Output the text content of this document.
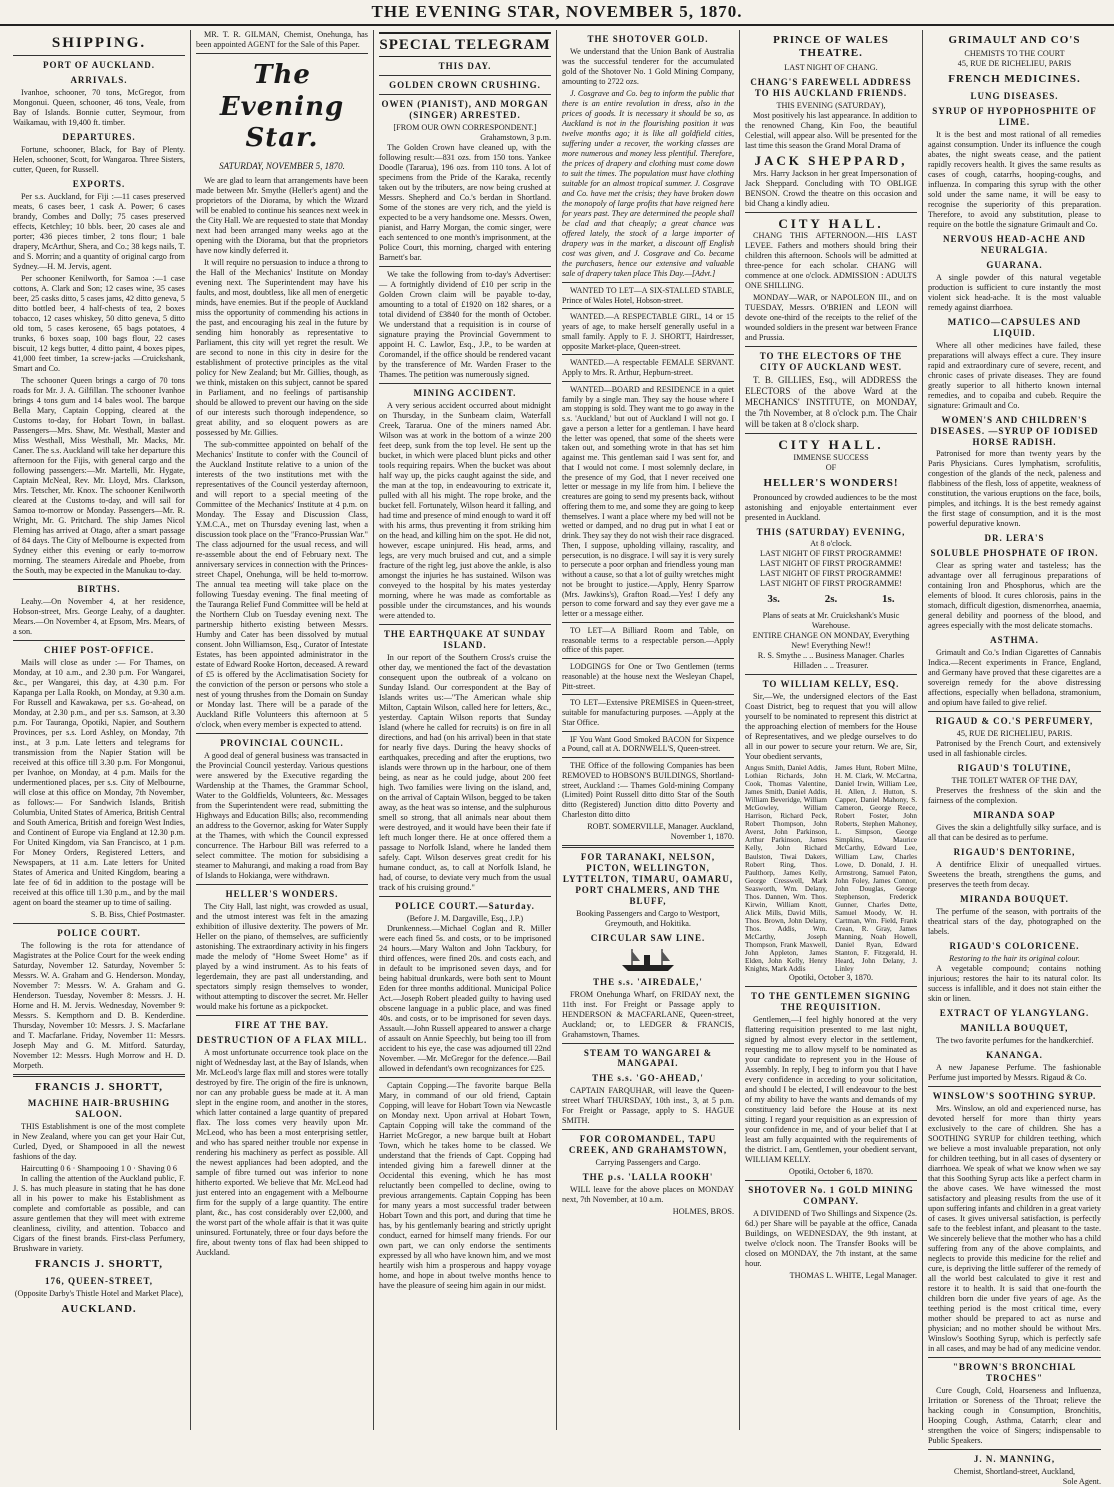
THE EVENING STAR, NOVEMBER 5, 1870.
SHIPPING.
PORT OF AUCKLAND.
ARRIVALS.

Ivanhoe, schooner, 70 tons, McGregor, from Mongonui. Queen, schooner, 46 tons, Veale, from Bay of Islands. Bonnie cutter, Seymour, from Waikamau, with 19,400 ft. timber.

DEPARTURES.

Fortune, schooner, Black, for Bay of Plenty. Helen, schooner, Scott, for Wangaroa. Three Sisters, cutter, Queen, for Russell.

EXPORTS.

Per s.s. Auckland, for Fiji :—11 cases preserved meats, 6 cases beer, 1 cask A. Power; 6 cases brandy, Combes and Dolly; 75 cases preserved effects, Ketchley; 10 bbls. beer, 20 cases ale and porter; 436 pieces timber, 2 tons flour; 1 bale drapery, McArthur, Shera, and Co.; 38 kegs nails, T. and S. Morrin; and a quantity of original cargo from Sydney.—H. M. Jervis, agent.

Per schooner Kenilworth, for Samoa :—1 case cottons, A. Clark and Son; 12 cases wine, 35 cases beer, 25 casks ditto, 5 cases jams, 42 ditto geneva, 5 ditto bottled beer, 4 half-chests of tea, 2 boxes tobacco, 12 cases whiskey, 50 ditto geneva, 5 ditto old tom, 5 cases kerosene, 65 bags potatoes, 4 trunks, 6 boxes soap, 100 bags flour, 22 cases biscuit, 12 kegs butter, 4 ditto paint, 4 boxes pipes, 41,000 feet timber, 1a screw-jacks —Cruickshank, Smart and Co.

The schooner Queen brings a cargo of 70 tons roads for Mr. J. A. Gilfillan. The schooner Ivanhoe brings 4 tons gum and 14 bales wool. The barque Bella Mary, Captain Copping, cleared at the Customs to-day, for Hobart Town, in ballast. Passengers—Mrs. Shaw, Mr. Westhall, Master and Miss Westhall, Miss Westhall, Mr. Macks, Mr. Caner. The s.s. Auckland will take her departure this afternoon for the Fijis, with general cargo and the following passengers:—Mr. Martelli, Mr. Hygate, Captain McNeal, Rev. Mr. Lloyd, Mrs. Clarkson, Mrs. Tetscher, Mr. Knox. The schooner Kenilworth cleared at the Customs to-day, and will sail for Samoa to-morrow or Monday. Passengers—Mr. R. Wright, Mr. G. Pritchard. The ship James Nicol Fleming has arrived at Otago, after a smart passage of 84 days. The City of Melbourne is expected from Sydney either this evening or early to-morrow morning. The steamers Airedale and Phoebe, from the South, may be expected in the Manukau to-day.

BIRTHS.

Leahy.—On November 4, at her residence, Hobson-street, Mrs. George Leahy, of a daughter. Mears.—On November 4, at Epsom, Mrs. Mears, of a son.

CHIEF POST-OFFICE.

Mails will close as under :— For Thames, on Monday, at 10 a.m., and 2.30 p.m. For Wangarei, &c., per Wangarei, this day, at 4.30 p.m. For Kapanga per Lalla Rookh, on Monday, at 9.30 a.m. For Russell and Kawakawa, per s.s. Go-ahead, on Monday, at 2.30 p.m., and per s.s. Samson, at 3.30 p.m. For Tauranga, Opotiki, Napier, and Southern Provinces, per s.s. Lord Ashley, on Monday, 7th inst., at 3 p.m. Late letters and telegrams for transmission from the Napier Station will be received at this office till 3.30 p.m. For Mongonui, per Ivanhoe, on Monday, at 4 p.m. Mails for the undermentioned places, per s.s. City of Melbourne, will close at this office on Monday, 7th November, as follows:— For Sandwich Islands, British Columbia, United States of America, British Central and South America, British and foreign West Indies, and Continent of Europe via England at 12.30 p.m. For United Kingdom, via San Francisco, at 1 p.m. For Money Orders, Registered Letters, and Newspapers, at 11 a.m. Late letters for United States of America and United Kingdom, bearing a late fee of 6d in addition to the postage will be received at this office till 1.30 p.m., and by the mail agent on board the steamer up to time of sailing.

S. B. Biss, Chief Postmaster.
POLICE COURT.

The following is the rota for attendance of Magistrates at the Police Court for the week ending Saturday, November 12. Saturday, November 5: Messrs. W. A. Graham and G. Henderson. Monday, November 7: Messrs. W. A. Graham and G. Henderson. Tuesday, November 8: Messrs. J. H. Horne and H. M. Jervis. Wednesday, November 9: Messrs. S. Kempthorn and D. B. Kenderdine. Thursday, November 10: Messrs. J. S. Macfarlane and T. Macfarlane. Friday, November 11: Messrs. Joseph May and G. M. Mitford. Saturday, November 12: Messrs. Hugh Morrow and H. D. Morpeth.

FRANCIS J. SHORTT,
MACHINE HAIR-BRUSHING SALOON.

THIS Establishment is one of the most complete in New Zealand, where you can get your Hair Cut, Curled, Dyed, or Shampooed in all the newest fashions of the day.

Haircutting 0 6 · Shampooing 1 0 · Shaving 0 6

In calling the attention of the Auckland public, F. J. S. has much pleasure in stating that he has done all in his power to make his Establishment as complete and comfortable as possible, and can assure gentlemen that they will meet with extreme cleanliness, civility, and attention. Tobacco and Cigars of the finest brands. First-class Perfumery, Brushware in variety.

FRANCIS J. SHORTT,
176, QUEEN-STREET,
(Opposite Darby's Thistle Hotel and Market Place),
AUCKLAND.

MR. T. R. GILMAN, Chemist, Onehunga, has been appointed AGENT for the Sale of this Paper.

The Evening Star.
SATURDAY, NOVEMBER 5, 1870.

We are glad to learn that arrangements have been made between Mr. Smythe (Heller's agent) and the proprietors of the Diorama, by which the Wizard will be enabled to continue his seances next week in the City Hall. We are requested to state that Monday next had been arranged many weeks ago at the opening with the Diorama, but that the proprietors have now kindly deferred it.

It will require no persuasion to induce a throng to the Hall of the Mechanics' Institute on Monday evening next. The Superintendent may have his faults, and most, doubtless, like all men of energetic minds, have enemies. But if the people of Auckland miss the opportunity of commending his actions in the past, and encouraging his zeal in the future by sending him honorably as representative to Parliament, this city will yet regret the result. We are second to none in this city in desire for the establishment of protective principles as the vital policy for New Zealand; but Mr. Gillies, though, as we think, mistaken on this subject, cannot be spared in Parliament, and no feelings of partisanship should be allowed to prevent our having on the side of our interests such thorough independence, so great ability, and so eloquent powers as are possessed by Mr. Gillies.

The sub-committee appointed on behalf of the Mechanics' Institute to confer with the Council of the Auckland Institute relative to a union of the interests of the two institutions met with the representatives of the Council yesterday afternoon, and will report to a special meeting of the Committee of the Mechanics' Institute at 4 p.m. on Monday. The Essay and Discussion Class, Y.M.C.A., met on Thursday evening last, when a discussion took place on the "Franco-Prussian War." The class adjourned for the usual recess, and will re-assemble about the end of February next. The anniversary services in connection with the Princes-street Chapel, Onehunga, will be held to-morrow. The annual tea meeting will take place on the following Tuesday evening. The final meeting of the Tauranga Relief Fund Committee will be held at the Northern Club on Tuesday evening next. The partnership hitherto existing between Messrs. Humby and Cater has been dissolved by mutual consent. John Williamson, Esq., Curator of Intestate Estates, has been appointed administrator in the estate of Edward Rooke Horton, deceased. A reward of £5 is offered by the Acclimatisation Society for the conviction of the person or persons who stole a nest of young thrushes from the Domain on Sunday or Monday last. There will be a parade of the Auckland Rifle Volunteers this afternoon at 5 o'clock, when every member is expected to attend.

PROVINCIAL COUNCIL.

A good deal of general business was transacted in the Provincial Council yesterday. Various questions were answered by the Executive regarding the Wardenship at the Thames, the Grammar School, Water to the Goldfields, Volunteers, &c. Messages from the Superintendent were read, submitting the Highways and Education Bills; also, recommending an address to the Governor, asking for Water Supply at the Thames, with which the Council expressed concurrence. The Harbour Bill was referred to a select committee. The motion for subsidising a steamer to Mahurangi, and making a road from Bay of Islands to Hokianga, were withdrawn.

HELLER'S WONDERS.

The City Hall, last night, was crowded as usual, and the utmost interest was felt in the amazing exhibition of illusive dexterity. The powers of Mr. Heller on the piano, of themselves, are sufficiently astonishing. The extraordinary activity in his fingers made the melody of "Home Sweet Home" as if played by a wind instrument. As to his feats of legerdemain, they are past all understanding, and spectators simply resign themselves to wonder, without attempting to discover the secret. Mr. Heller would make his fortune as a pickpocket.

FIRE AT THE BAY.
DESTRUCTION OF A FLAX MILL.

A most unfortunate occurrence took place on the night of Wednesday last, at the Bay of Islands, when Mr. McLeod's large flax mill and stores were totally destroyed by fire. The origin of the fire is unknown, nor can any probable guess be made at it. A man slept in the engine room, and another in the stores, which latter contained a large quantity of prepared flax. The loss comes very heavily upon Mr. McLeod, who has been a most enterprising settler, and who has spared neither trouble nor expense in rendering his machinery as perfect as possible. All the newest appliances had been adopted, and the sample of fibre turned out was inferior to none hitherto exported. We believe that Mr. McLeod had just entered into an engagement with a Melbourne firm for the supply of a large quantity. The entire plant, &c., has cost considerably over £2,000, and the worst part of the whole affair is that it was quite uninsured. Fortunately, three or four days before the fire, about twenty tons of flax had been shipped to Auckland.

SPECIAL TELEGRAM
THIS DAY.
GOLDEN CROWN CRUSHING.
OWEN (PIANIST), AND MORGAN (SINGER) ARRESTED.
[FROM OUR OWN CORRESPONDENT.]
Grahamstown, 3 p.m.

The Golden Crown have cleaned up, with the following result:—831 ozs. from 150 tons. Yankee Doodle (Tararua), 196 ozs. from 110 tons. A lot of specimens from the Pride of the Karaka, recently taken out by the tributers, are now being crushed at Messrs. Shepherd and Co.'s berdan in Shortland. Some of the stones are very rich, and the yield is expected to be a very handsome one. Messrs. Owen, pianist, and Harry Morgan, the comic singer, were each sentenced to one month's imprisonment, at the Police Court, this morning, charged with entering Barnett's bar.

We take the following from to-day's Advertiser:— A fortnightly dividend of £10 per scrip in the Golden Crown claim will be payable to-day, amounting to a total of £1920 on 182 shares, or a total dividend of £3840 for the month of October. We understand that a requisition is in course of signature praying the Provincial Government to appoint H. C. Lawlor, Esq., J.P., to be warden at Coromandel, if the office should be rendered vacant by the transference of Mr. Warden Fraser to the Thames. The petition was numerously signed.

MINING ACCIDENT.

A very serious accident occurred about midnight on Thursday, in the Sunbeam claim, Waterfall Creek, Tararua. One of the miners named Abr. Wilson was at work in the bottom of a winze 200 feet deep, sunk from the top level. He sent up the bucket, in which were placed blunt picks and other tools requiring repairs. When the bucket was about half way up, the picks caught against the side, and the man at the top, in endeavouring to extricate it, pulled with all his might. The rope broke, and the bucket fell. Fortunately, Wilson heard it falling, and had time and presence of mind enough to ward it off with his arms, thus preventing it from striking him on the head, and killing him on the spot. He did not, however, escape uninjured. His head, arms, and legs, are very much bruised and cut, and a simple fracture of the right leg, just above the ankle, is also amongst the injuries he has sustained. Wilson was conveyed to the hospital by his mates yesterday morning, where he was made as comfortable as possible under the circumstances, and his wounds were attended to.

THE EARTHQUAKE AT SUNDAY ISLAND.

In our report of the Southern Cross's cruise the other day, we mentioned the fact of the devastation consequent upon the outbreak of a volcano on Sunday Island. Our correspondent at the Bay of Islands writes us:—"The American whale ship Milton, Captain Wilson, called here for letters, &c., yesterday. Captain Wilson reports that Sunday Island (where he called for recruits) is on fire in all directions, and had (on his arrival) been in that state for nearly five days. During the heavy shocks of earthquakes, preceding and after the eruptions, two islands were thrown up in the harbour, one of them being, as near as he could judge, about 200 feet high. Two families were living on the island, and, on the arrival of Captain Wilson, begged to be taken away, as the heat was so intense, and the sulphurous smell so strong, that all animals near about them were destroyed, and it would have been their fate if left much longer there. He at once offered them a passage to Norfolk Island, where he landed them safely. Capt. Wilson deserves great credit for his humane conduct, as, to call at Norfolk Island, he had, of course, to deviate very much from the usual track of his cruising ground."

POLICE COURT.—Saturday.
(Before J. M. Dargaville, Esq., J.P.)

Drunkenness.—Michael Coglan and R. Miller were each fined 5s. and costs, or to be imprisoned 24 hours.—Mary Walton and John Tackbury, for third offences, were fined 20s. and costs each, and in default to be imprisoned seven days, and for being habitual drunkards, were both sent to Mount Eden for three months additional. Municipal Police Act.—Joseph Robert pleaded guilty to having used obscene language in a public place, and was fined 40s. and costs, or to be imprisoned for seven days. Assault.—John Russell appeared to answer a charge of assault on Annie Speechly, but being too ill from accident to his eye, the case was adjourned till 22nd November. —Mr. McGregor for the defence.—Bail allowed in defendant's own recognizances for £25.

Captain Copping.—The favorite barque Bella Mary, in command of our old friend, Captain Copping, will leave for Hobart Town via Newcastle on Monday next. Upon arrival at Hobart Town, Captain Copping will take the command of the Harriet McGregor, a new barque built at Hobart Town, which he takes home to be classed. We understand that the friends of Capt. Copping had intended giving him a farewell dinner at the Occidental this evening, which he has most reluctantly been compelled to decline, owing to previous arrangements. Captain Copping has been for many years a most successful trader between Hobart Town and this port, and during that time he has, by his gentlemanly bearing and strictly upright conduct, earned for himself many friends. For our own part, we can only endorse the sentiments expressed by all who have known him, and we most heartily wish him a prosperous and happy voyage home, and hope in about twelve months hence to have the pleasure of seeing him again in our midst.

THE SHOTOVER GOLD.

We understand that the Union Bank of Australia was the successful tenderer for the accumulated gold of the Shotover No. 1 Gold Mining Company, amounting to 2722 ozs.

J. Cosgrave and Co. beg to inform the public that there is an entire revolution in dress, also in the prices of goods. It is necessary it should be so, as Auckland is not in the flourishing position it was twelve months ago; it is like all goldfield cities, suffering under a recover, the working classes are more numerous and money less plentiful. Therefore, the prices of drapery and clothing must come down to suit the times. The population must have clothing suitable for an almost tropical summer. J. Cosgrave and Co. have met the crisis; they have broken down the monopoly of large profits that have reigned here for years past. They are determined the people shall be clad and that cheaply; a great chance was offered lately, the stock of a large importer of drapery was in the market, a discount off English cost was given, and J. Cosgrave and Co. became the purchasers, hence our extensive and valuable sale of drapery taken place This Day.—[Advt.]

WANTED TO LET—A SIX-STALLED STABLE, Prince of Wales Hotel, Hobson-street.

WANTED.—A RESPECTABLE GIRL, 14 or 15 years of age, to make herself generally useful in a small family. Apply to F. J. SHORTT, Hairdresser, opposite Market-place, Queen-street.

WANTED.—A respectable FEMALE SERVANT. Apply to Mrs. R. Arthur, Hepburn-street.

WANTED—BOARD and RESIDENCE in a quiet family by a single man. They say the house where I am stopping is sold. They want me to go away in the s.s. 'Auckland,' but out of Auckland I will not go. I gave a person a letter for a gentleman. I have heard the letter was opened, that some of the sheets were taken out, and something wrote in that has set him against me. This gentleman said I was sent for, and that I would not come. I most solemnly declare, in the presence of my God, that I never received one letter or message in my life from him. I believe the creatures are going to send my presents back, without offering them to me, and some they are going to keep themselves. I want a place where my bed will not be wetted or damped, and no drug put in what I eat or drink. They say they do not wish their race disgraced. Then, I suppose, upholding villainy, rascality, and persecution, is no disgrace. I will say it is very surely to persecute a poor orphan and friendless young man without a cause, so that a lot of guilty wretches might not be brought to justice.—Apply, Henry Sparrow (Mrs. Jawkins's), Grafton Road.—Yes! I defy any person to come forward and say they ever gave me a letter or a message either.

TO LET—A Billiard Room and Table, on reasonable terms to a respectable person.—Apply office of this paper.

LODGINGS for One or Two Gentlemen (terms reasonable) at the house next the Wesleyan Chapel, Pitt-street.

TO LET—Extensive PREMISES in Queen-street, suitable for manufacturing purposes. —Apply at the Star Office.

IF You Want Good Smoked BACON for Sixpence a Pound, call at A. DORNWELL'S, Queen-street.

THE Office of the following Companies has been REMOVED to HOBSON'S BUILDINGS, Shortland-street, Auckland :— Thames Gold-mining Company (Limited) Point Russell ditto ditto Star of the South ditto (Registered) Junction ditto ditto Poverty and Charleston ditto ditto

ROBT. SOMERVILLE, Manager. Auckland, November 1, 1870.
FOR TARANAKI, NELSON, PICTON, WELLINGTON, LYTTELTON, TIMARU, OAMARU, PORT CHALMERS, AND THE BLUFF,
Booking Passengers and Cargo to Westport, Greymouth, and Hokitika.
CIRCULAR SAW LINE.
THE s.s. 'AIREDALE,'

FROM Onehunga Wharf, on FRIDAY next, the 11th inst. For Freight or Passage apply to HENDERSON & MACFARLANE, Queen-street, Auckland; or, to LEDGER & FRANCIS, Grahamstown, Thames.

STEAM TO WANGAREI & MANGAPAI.
THE s.s. 'GO-AHEAD,'

CAPTAIN FARQUHAR, will leave the Queen-street Wharf THURSDAY, 10th inst., 3, at 5 p.m. For Freight or Passage, apply to S. HAGUE SMITH.

FOR COROMANDEL, TAPU CREEK, AND GRAHAMSTOWN,
Carrying Passengers and Cargo.
THE p.s. 'LALLA ROOKH'

WILL leave for the above places on MONDAY next, 7th November, at 10 a.m.

HOLMES, BROS.
PRINCE OF WALES THEATRE.
LAST NIGHT OF CHANG.
CHANG'S FAREWELL ADDRESS TO HIS AUCKLAND FRIENDS.
THIS EVENING (SATURDAY),

Most positively his last appearance. In addition to the renowned Chang, Kin Foo, the beautiful Celestial, will appear also. Will be presented for the last time this season the Grand Moral Drama of

JACK SHEPPARD,

Mrs. Harry Jackson in her great Impersonation of Jack Sheppard. Concluding with TO OBLIGE BENSON. Crowd the theatre on this occasion and bid Chang a kindly adieu.

CITY HALL.

CHANG THIS AFTERNOON.—HIS LAST LEVEE. Fathers and mothers should bring their children this afternoon. Schools will be admitted at three-pence for each scholar. CHANG will commence at one o'clock. ADMISSION : ADULTS ONE SHILLING.

MONDAY—WAR, or NAPOLEON III., and on TUESDAY, Messrs. O'BRIEN and LEON will devote one-third of the receipts to the relief of the wounded soldiers in the present war between France and Prussia.

TO THE ELECTORS OF THE CITY OF AUCKLAND WEST.

T. B. GILLIES, Esq., will ADDRESS the ELECTORS of the above Ward at the MECHANICS' INSTITUTE, on MONDAY, the 7th November, at 8 o'clock p.m. The Chair will be taken at 8 o'clock sharp.

CITY HALL.
IMMENSE SUCCESS
OF
HELLER'S WONDERS!

Pronounced by crowded audiences to be the most astonishing and enjoyable entertainment ever presented in Auckland.

THIS (SATURDAY) EVENING,
At 8 o'clock.
LAST NIGHT OF FIRST PROGRAMME!
LAST NIGHT OF FIRST PROGRAMME!
LAST NIGHT OF FIRST PROGRAMME!
LAST NIGHT OF FIRST PROGRAMME!
3s.	2s.	1s.
Plans of seats at Mr. Cruickshank's Music Warehouse.
ENTIRE CHANGE ON MONDAY, Everything New! Everything New!!
R. S. Smythe .. .. Business Manager. Charles Hilladen .. .. Treasurer.
TO WILLIAM KELLY, ESQ.

Sir,—We, the undersigned electors of the East Coast District, beg to request that you will allow yourself to be nominated to represent this district at the approaching election of members for the House of Representatives, and we pledge ourselves to do all in our power to secure your return. We are, Sir, Your obedient servants,

Angus Smith, Daniel Addis, Lothian Richards, John Cook, Thomas Valentine, James Smith, Daniel Addis, William Beveridge, William McGowley, William Harrison, Richard Peck, Robert Thompson, John Averst, John Parkinson, Arthur Parkinson, James Kelly, John Richard Baulston, Tiwai Dakers, Robert Ring, Thos. Paulthorp, James Kelly, George Cresswell, Mark Seasworth, Wm. Delany, Thos. Dannen, Wm. Thos. Kirwin, William Knott, Alick Mills, David Mills, Thos. Brown, John Delany, Thos. Addis, Wm. McCarthy, Joseph Thompson, Frank Maxwell, John Appleton, James Elden, John Kelly, Henry Knights, Mark Addis
James Hunt, Robert Milne, H. M. Clark, W. McCartna, Daniel Irwin, William Lee, H. Allen, J. Hutton, S. Capper, Daniel Mahony, S. Cameron, George Reece, Robert Foster, John Roberts, Stephen Mahoney, L. Simpson, George Simpkins, Maurice McCarthy, Edward Lee, William Law, Charles Lowe, D. Donald, J. H. Armstrong, Samuel Paton, John Foley, James Connor, John Douglas, George Stephenson, Frederick Gunner, Charles Dette, Samuel Moody, W. H. Cartman, Wm. Field, Frank Crean, R. Gray, James Manning, Noah Howell, Daniel Ryan, Edward Stanton, F. Fitzgerald, H. Heard, John Delany, J. Linley
Opotiki, October 3, 1870.
TO THE GENTLEMEN SIGNING THE REQUISITION.

Gentlemen,—I feel highly honored at the very flattering requisition presented to me last night, signed by almost every elector in the settlement, requesting me to allow myself to be nominated as your candidate to represent you in the House of Assembly. In reply, I beg to inform you that I have every confidence in acceding to your solicitation, and should I be elected, I will endeavour to the best of my ability to have the wants and demands of my constituency laid before the House at its next sitting. I regard your requisition as an expression of your confidence in me, and of your belief that I at least am fully acquainted with the requirements of the district. I am, Gentlemen, your obedient servant, WILLIAM KELLY.

Opotiki, October 6, 1870.
SHOTOVER No. 1 GOLD MINING COMPANY.

A DIVIDEND of Two Shillings and Sixpence (2s. 6d.) per Share will be payable at the office, Canada Buildings, on WEDNESDAY, the 9th instant, at twelve o'clock noon. The Transfer Books will be closed on MONDAY, the 7th instant, at the same hour.

THOMAS L. WHITE, Legal Manager.
GRIMAULT AND CO'S
CHEMISTS TO THE COURT
45, RUE DE RICHELIEU, PARIS
FRENCH MEDICINES.
LUNG DISEASES.
SYRUP OF HYPOPHOSPHITE OF LIME.

It is the best and most rational of all remedies against consumption. Under its influence the cough abates, the night sweats cease, and the patient rapidly recovers health. It gives the same results as cases of cough, catarrhs, hooping-coughs, and influenza. In comparing this syrup with the other sold under the same name, it will be easy to recognise the superiority of this preparation. Therefore, to avoid any substitution, please to require on the bottle the signature Grimault and Co.

NERVOUS HEAD-ACHE AND NEURALGIA.
GUARANA.

A single powder of this natural vegetable production is sufficient to cure instantly the most violent sick head-ache. It is the most valuable remedy against diarrhoea.

MATICO—CAPSULES AND LIQUID.

Where all other medicines have failed, these preparations will always effect a cure. They insure rapid and extraordinary cure of severe, recent, and chronic cases of private diseases. They are found greatly superior to all hitherto known internal remedies, and to copaiba and cubeb. Require the signature: Grimault and Co.

WOMEN'S AND CHILDREN'S DISEASES. —SYRUP OF IODISED HORSE RADISH.

Patronised for more than twenty years by the Paris Physicians. Cures lymphatism, scrofulitis, congestion of the glands of the neck, paleness and flabbiness of the flesh, loss of appetite, weakness of constitution, the various eruptions on the face, boils, pimples, and itchings. It is the best remedy against the first stage of consumption, and it is the most powerful depurative known.

DR. LERA'S
SOLUBLE PHOSPHATE OF IRON.

Clear as spring water and tasteless; has the advantage over all ferruginous preparations of containing Iron and Phosphorus, which are the elements of blood. It cures chlorosis, pains in the stomach, difficult digestion, dismenorrhea, anaemia, general debility and poorness of the blood, and agrees especially with the most delicate stomachs.

ASTHMA.

Grimault and Co.'s Indian Cigarettes of Cannabis Indica.—Recent experiments in France, England, and Germany have proved that these cigarettes are a sovereign remedy for the above distressing affections, especially when belladona, stramonium, and opium have failed to give relief.

RIGAUD & CO.'S PERFUMERY,
45, RUE DE RICHELIEU, PARIS.

Patronised by the French Court, and extensively used in all fashionable circles.

RIGAUD'S TOLUTINE,
THE TOILET WATER OF THE DAY,

Preserves the freshness of the skin and the fairness of the complexion.

MIRANDA SOAP

Gives the skin a delightfully silky surface, and is all that can be desired as to perfume.

RIGAUD'S DENTORINE,

A dentifrice Elixir of unequalled virtues. Sweetens the breath, strengthens the gums, and preserves the teeth from decay.

MIRANDA BOUQUET.

The perfume of the season, with portraits of the theatrical stars of the day, photographed on the labels.

RIGAUD'S COLORICENE.
Restoring to the hair its original colour.

A vegetable compound; contains nothing injurious; restores the hair to its natural color. Its success is infallible, and it does not stain either the skin or linen.

EXTRACT OF YLANGYLANG.
MANILLA BOUQUET,

The two favorite perfumes for the handkerchief.

KANANGA.

A new Japanese Perfume. The fashionable Perfume just imported by Messrs. Rigaud & Co.

WINSLOW'S SOOTHING SYRUP.

Mrs. Winslow, an old and experienced nurse, has devoted herself for more than thirty years exclusively to the care of children. She has a SOOTHING SYRUP for children teething, which we believe a most invaluable preparation, not only for children teething, but in all cases of dysentery or diarrhoea. We speak of what we know when we say that this Soothing Syrup acts like a perfect charm in the above cases. We have witnessed the most satisfactory and pleasing results from the use of it upon suffering infants and children in a great variety of cases. It gives universal satisfaction, is perfectly safe to the feeblest infant, and pleasant to the taste. We sincerely believe that the mother who has a child suffering from any of the above complaints, and neglects to provide this medicine for the relief and cure, is depriving the little sufferer of the remedy of all the world best calculated to give it rest and restore it to health. It is said that one-fourth the children born die under five years of age. As the teething period is the most critical time, every mother should be prepared to act as nurse and physician; and no mother should be without Mrs. Winslow's Soothing Syrup, which is perfectly safe in all cases, and may be had of any medicine vendor.

"BROWN'S BRONCHIAL TROCHES"

Cure Cough, Cold, Hoarseness and Influenza, Irritation or Soreness of the Throat; relieve the hacking cough in Consumption, Bronchitis, Hooping Cough, Asthma, Catarrh; clear and strengthen the voice of Singers; indispensable to Public Speakers.

J. N. MANNING,
Chemist, Shortland-street, Auckland,
Sole Agent.
